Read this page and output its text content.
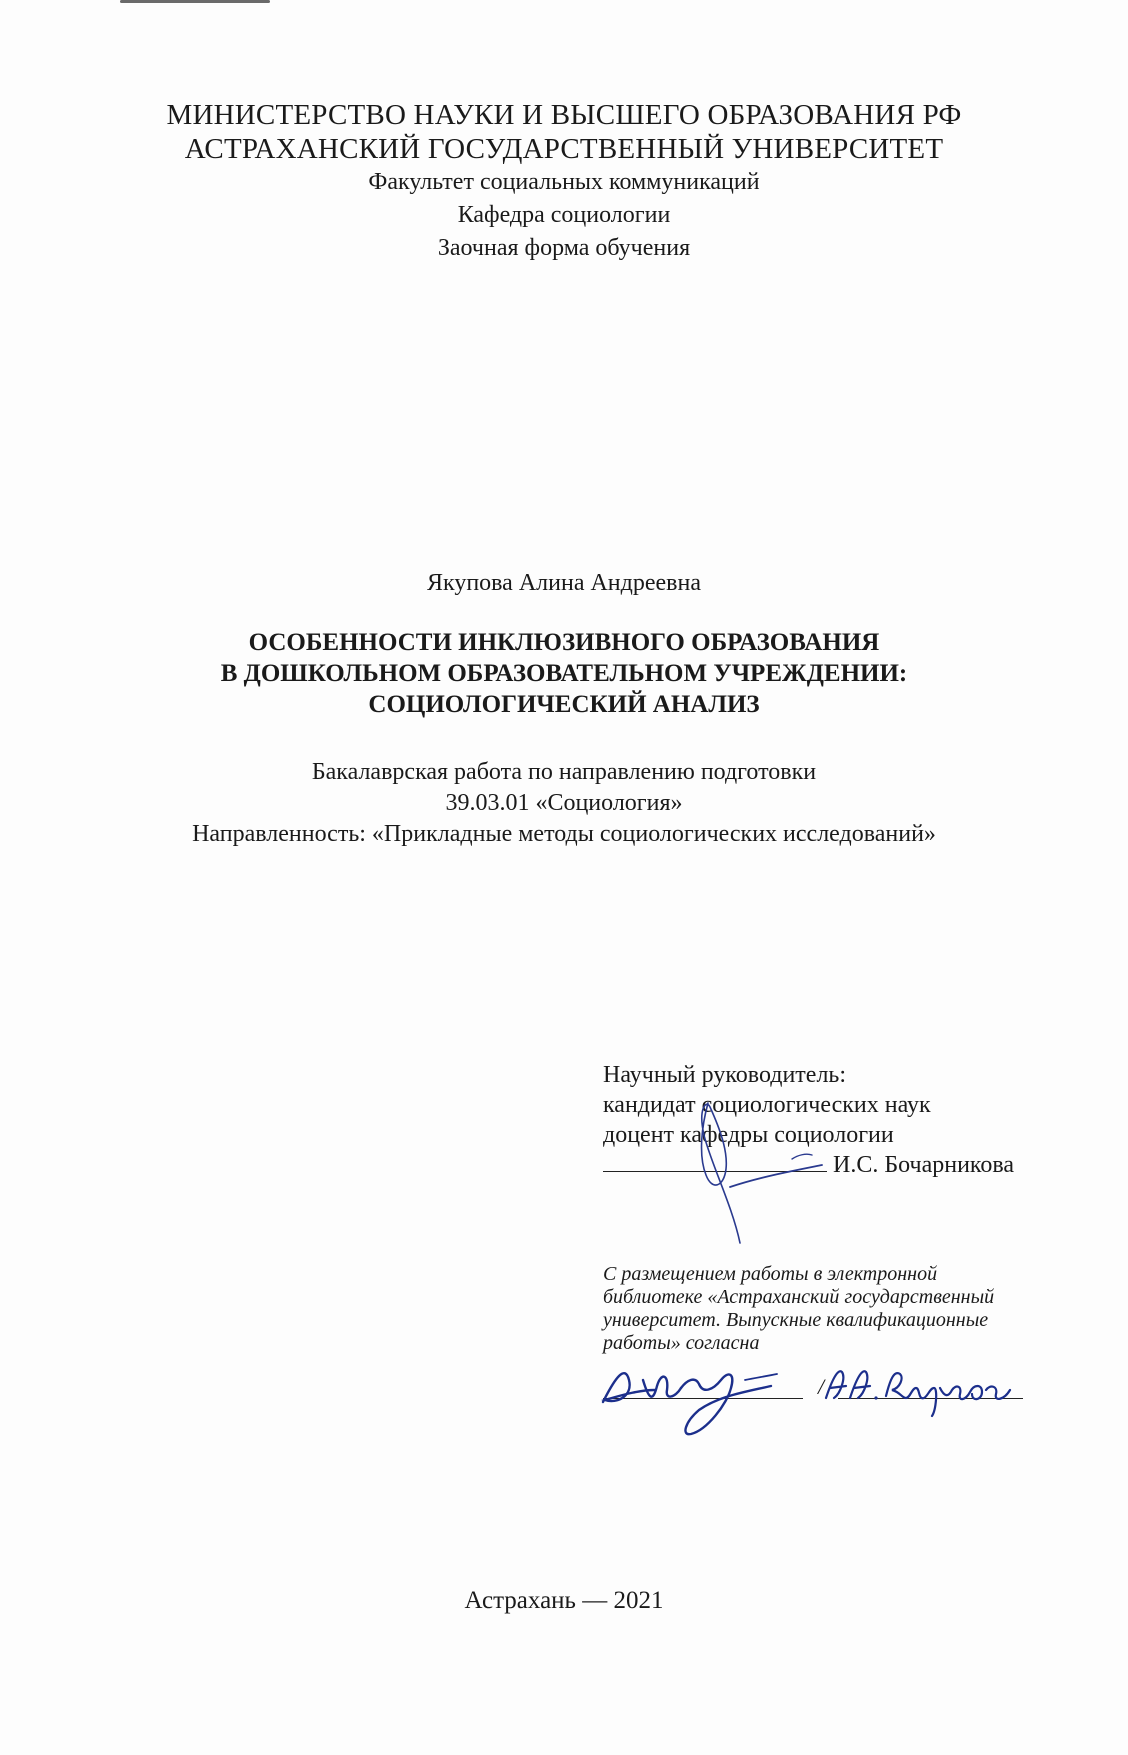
МИНИСТЕРСТВО НАУКИ И ВЫСШЕГО ОБРАЗОВАНИЯ РФ
АСТРАХАНСКИЙ ГОСУДАРСТВЕННЫЙ УНИВЕРСИТЕТ
Факультет социальных коммуникаций
Кафедра социологии
Заочная форма обучения
Якупова Алина Андреевна
ОСОБЕННОСТИ ИНКЛЮЗИВНОГО ОБРАЗОВАНИЯ
В ДОШКОЛЬНОМ ОБРАЗОВАТЕЛЬНОМ УЧРЕЖДЕНИИ:
СОЦИОЛОГИЧЕСКИЙ АНАЛИЗ
Бакалаврская работа по направлению подготовки
39.03.01 «Социология»
Направленность: «Прикладные методы социологических исследований»
Научный руководитель:
кандидат социологических наук
доцент кафедры социологии
И.С. Бочарникова
С размещением работы в электронной библиотеке «Астраханский государственный университет. Выпускные квалификационные работы» согласна
/
Астрахань — 2021
